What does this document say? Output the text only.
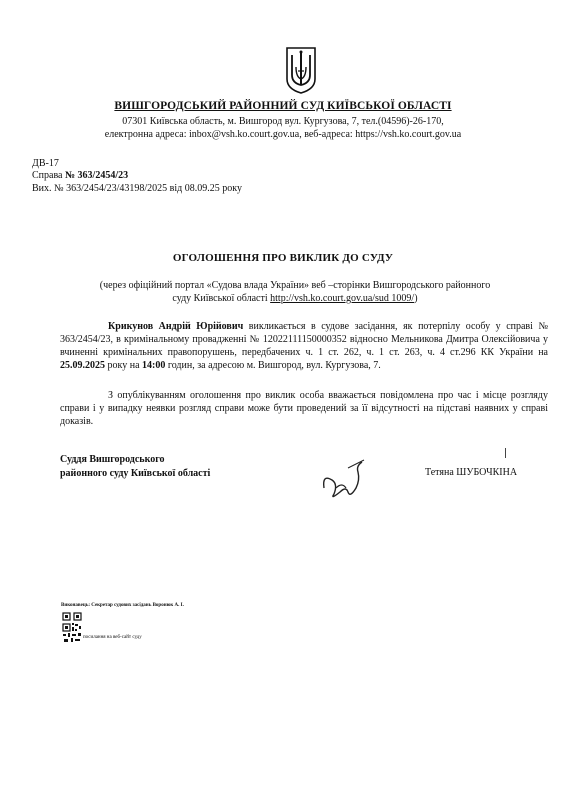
ВИШГОРОДСЬКИЙ РАЙОННИЙ СУД КИЇВСЬКОЇ ОБЛАСТІ
07301 Київська область, м. Вишгород вул. Кургузова, 7, тел.(04596)-26-170,
електронна адреса: inbox@vsh.ko.court.gov.ua, веб-адреса: https://vsh.ko.court.gov.ua
ДВ-17
Справа № 363/2454/23
Вих. № 363/2454/23/43198/2025 від 08.09.25 року
ОГОЛОШЕННЯ ПРО ВИКЛИК ДО СУДУ
(через офіційний портал «Судова влада України» веб –сторінки Вишгородського районного
суду Київської області http://vsh.ko.court.gov.ua/sud 1009/)
Крикунов Андрій Юрійович викликається в судове засідання, як потерпілу особу у справі № 363/2454/23, в кримінальному провадженні № 12022111150000352 відносно Мельникова Дмитра Олексійовича у вчиненні кримінальних правопорушень, передбачених ч. 1 ст. 262, ч. 1 ст. 263, ч. 4 ст.296 КК України на 25.09.2025 року на 14:00 годин, за адресою м. Вишгород, вул. Кургузова, 7.
З опублікуванням оголошення про виклик особа вважається повідомлена про час і місце розгляду справи і у випадку неявки розгляд справи може бути проведений за її відсутності на підставі наявних у справі доказів.
Суддя Вишгородського
районного суду Київської області	Тетяна ШУБОЧКІНА
Виконавець: Секретар судових засідань Воронюк А. І.
посилання на веб-сайт суду
